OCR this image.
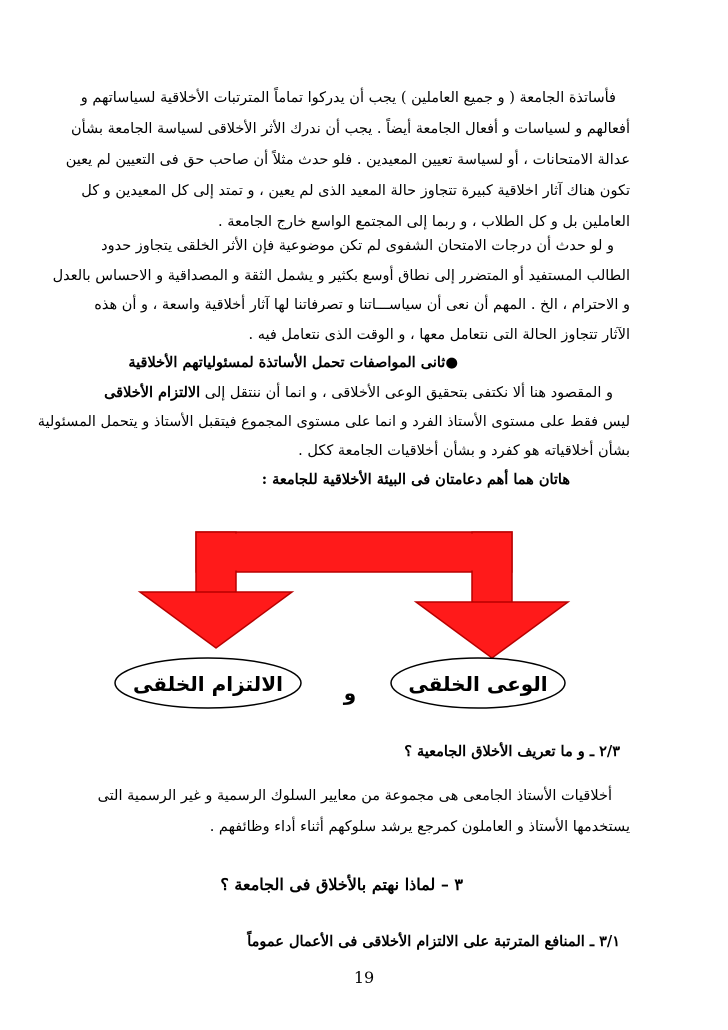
فأساتذة الجامعة ( و جميع العاملين ) يجب أن يدركوا تماماً المترتبات الأخلاقية لسياساتهم و
أفعالهم و لسياسات و أفعال الجامعة أيضاً . يجب أن ندرك الأثر الأخلاقى لسياسة الجامعة بشأن
عدالة الامتحانات ، أو لسياسة تعيين المعيدين . فلو حدث مثلاً أن صاحب حق فى التعيين لم يعين
تكون هناك آثار اخلاقية كبيرة تتجاوز حالة المعيد الذى لم يعين ، و تمتد إلى كل المعيدين و كل
العاملين بل و كل الطلاب ، و ربما إلى المجتمع الواسع خارج الجامعة .
و لو حدث أن درجات الامتحان الشفوى لم تكن موضوعية فإن الأثر الخلقى يتجاوز حدود
الطالب المستفيد أو المتضرر إلى نطاق أوسع بكثير و يشمل الثقة و المصداقية و الاحساس بالعدل
و الاحترام ، الخ . المهم أن نعى أن سياســـاتنا و تصرفاتنا لها آثار أخلاقية واسعة ، و أن هذه
الآثار تتجاوز الحالة التى نتعامل معها ، و الوقت الذى نتعامل فيه .
●ثانى المواصفات تحمل الأساتذة لمسئولياتهم الأخلاقية
و المقصود هنا ألا نكتفى بتحقيق الوعى الأخلاقى ، و انما أن ننتقل إلى الالتزام الأخلاقى
ليس فقط على مستوى الأستاذ الفرد و انما على مستوى المجموع فيتقبل الأستاذ و يتحمل المسئولية
بشأن أخلاقياته هو كفرد و بشأن أخلاقيات الجامعة ككل .
هاتان هما أهم دعامتان فى البيئة الأخلاقية للجامعة :
الالتزام الخلقى	الوعى الخلقى
و
٢/٣ ـ و ما تعريف الأخلاق الجامعية ؟
أخلاقيات الأستاذ الجامعى هى مجموعة من معايير السلوك الرسمية و غير الرسمية التى
يستخدمها الأستاذ و العاملون كمرجع يرشد سلوكهم أثناء أداء وظائفهم .
٣ – لماذا نهتم بالأخلاق فى الجامعة ؟
٣/١ ـ المنافع المترتبة على الالتزام الأخلاقى فى الأعمال عموماً
19
